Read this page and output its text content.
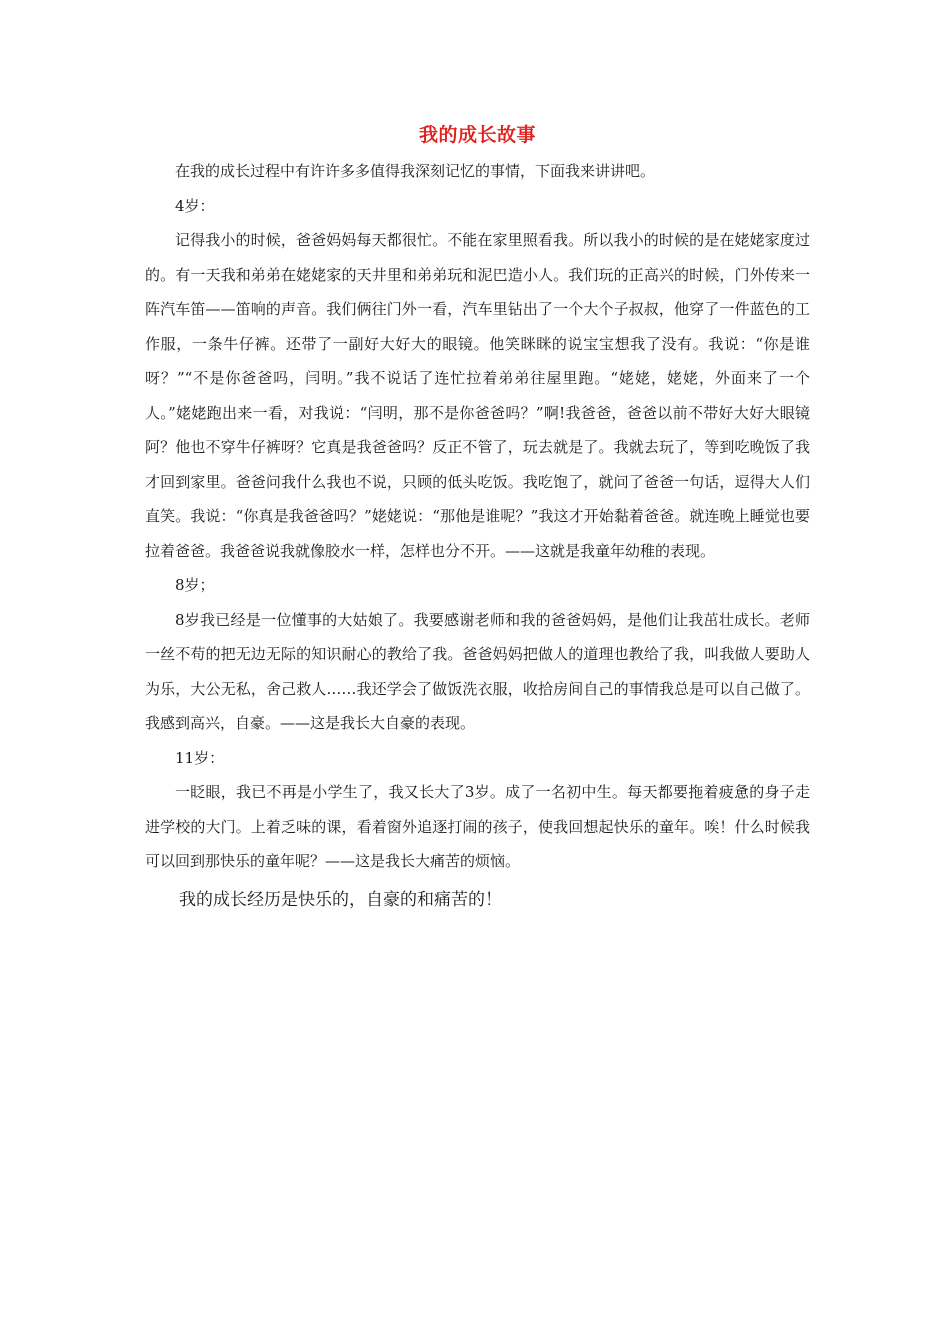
我的成长故事

在我的成长过程中有许许多多值得我深刻记忆的事情，下面我来讲讲吧。

4岁：

记得我小的时候，爸爸妈妈每天都很忙。不能在家里照看我。所以我小的时候的是在姥姥家度过的。有一天我和弟弟在姥姥家的天井里和弟弟玩和泥巴造小人。我们玩的正高兴的时候，门外传来一阵汽车笛——笛响的声音。我们俩往门外一看，汽车里钻出了一个大个子叔叔，他穿了一件蓝色的工作服，一条牛仔裤。还带了一副好大好大的眼镜。他笑眯眯的说宝宝想我了没有。我说：“你是谁呀？”“不是你爸爸吗，闫明。”我不说话了连忙拉着弟弟往屋里跑。“姥姥，姥姥，外面来了一个人。”姥姥跑出来一看，对我说：“闫明，那不是你爸爸吗？”啊!我爸爸，爸爸以前不带好大好大眼镜阿？他也不穿牛仔裤呀？它真是我爸爸吗？反正不管了，玩去就是了。我就去玩了，等到吃晚饭了我才回到家里。爸爸问我什么我也不说，只顾的低头吃饭。我吃饱了，就问了爸爸一句话，逗得大人们直笑。我说：“你真是我爸爸吗？”姥姥说：“那他是谁呢？”我这才开始黏着爸爸。就连晚上睡觉也要拉着爸爸。我爸爸说我就像胶水一样，怎样也分不开。——这就是我童年幼稚的表现。

8岁；

8岁我已经是一位懂事的大姑娘了。我要感谢老师和我的爸爸妈妈，是他们让我茁壮成长。老师一丝不苟的把无边无际的知识耐心的教给了我。爸爸妈妈把做人的道理也教给了我，叫我做人要助人为乐，大公无私，舍己救人……我还学会了做饭洗衣服，收拾房间自己的事情我总是可以自己做了。我感到高兴，自豪。——这是我长大自豪的表现。

11岁：

一眨眼，我已不再是小学生了，我又长大了3岁。成了一名初中生。每天都要拖着疲惫的身子走进学校的大门。上着乏味的课，看着窗外追逐打闹的孩子，使我回想起快乐的童年。唉！什么时候我可以回到那快乐的童年呢？——这是我长大痛苦的烦恼。

我的成长经历是快乐的，自豪的和痛苦的！
